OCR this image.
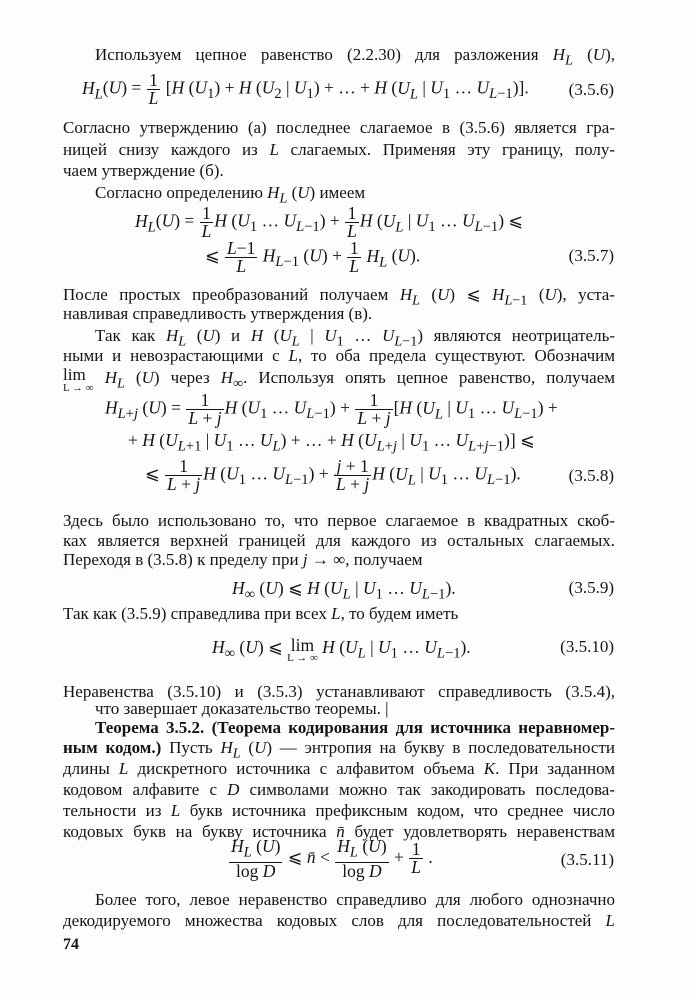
Используем цепное равенство (2.2.30) для разложения $H_L$ (U),
$H_L(U) = \frac{1}{L} [H$ $(U_1) + H$ ($U_2$ | $U_1$) + … + H ($U_L$ | $U_1$ … $U_{L-1}$)]. (3.5.6)
Согласно утверждению (а) последнее слагаемое в (3.5.6) является гра-
ницей снизу каждого из L слагаемых. Применяя эту границу, полу-
чаем утверждение (б).
Согласно определению $H_L$ (U) имеем
$H_L(U) = \frac{1}{L}$ H ($U_1$ … $U_{L-1}) + \frac{1}{L}$ H ($U_L$ | $U_1$ … $U_{L-1}$) ⩽
⩽ $\frac{L-1}{L} H_{L-1}$ $(U) + \frac{1}{L} H_L$ (U).	(3.5.7)
После простых преобразований получаем $H_L$ (U) ⩽ $H_{L-1}$ (U), уста-
навливая справедливость утверждения (в).
Так как $H_L$ (U) и H ($U_L$ | $U_1$ … $U_{L-1}$) являются неотрицатель-
ными и невозрастающими с L, то оба предела существуют. Обозначим
lim
L → ∞
$H_L$ (U) через $H_\infty$. Используя опять цепное равенство, получаем
$H_{L+j}$ $(U) = \frac{1}{L + j}$ H ($U_1$ … $U_{L-1}) + \frac{1}{L + j} [H$ ($U_L$ | $U_1$ … $U_{L-1}$) +
+ H ($U_{L+1}$ | $U_1$ … $U_L$) + … + H ($U_{L+j}$ | $U_1$ … $U_{L+j-1}$)] ⩽
⩽ $\frac{1}{L + j}$ H ($U_1$ … $U_{L-1}) + \frac{j + 1}{L + j}$ H ($U_L$ | $U_1$ … $U_{L-1}$).	(3.5.8)
Здесь было использовано то, что первое слагаемое в квадратных скоб-
ках является верхней границей для каждого из остальных слагаемых.
Переходя в (3.5.8) к пределу при j → ∞, получаем
$H_\infty$ (U) ⩽ H ($U_L$ | $U_1$ … $U_{L-1}$).	(3.5.9)
Так как (3.5.9) справедлива при всех L, то будем иметь
$H_\infty$ (U) ⩽ lim
L → ∞
H ($U_L$ | $U_1$ … $U_{L-1}$).	(3.5.10)
Неравенства (3.5.10) и (3.5.3) устанавливают справедливость (3.5.4),
что завершает доказательство теоремы. |
Теорема 3.5.2. (Теорема кодирования для источника неравномер-
ным кодом.) Пусть $H_L$ (U) — энтропия на букву в последовательности
длины L дискретного источника с алфавитом объема K. При заданном
кодовом алфавите с D символами можно так закодировать последова-
тельности из L букв источника префиксным кодом, что среднее число
кодовых букв на букву источника n̄ будет удовлетворять неравенствам
$\frac{H_L (U)}{\text{log D}}$ ⩽ n̄ < $\frac{H_L (U)}{\text{log D}} + \frac{1}{L}$ .	(3.5.11)
Более того, левое неравенство справедливо для любого однозначно
декодируемого множества кодовых слов для последовательностей L
74
